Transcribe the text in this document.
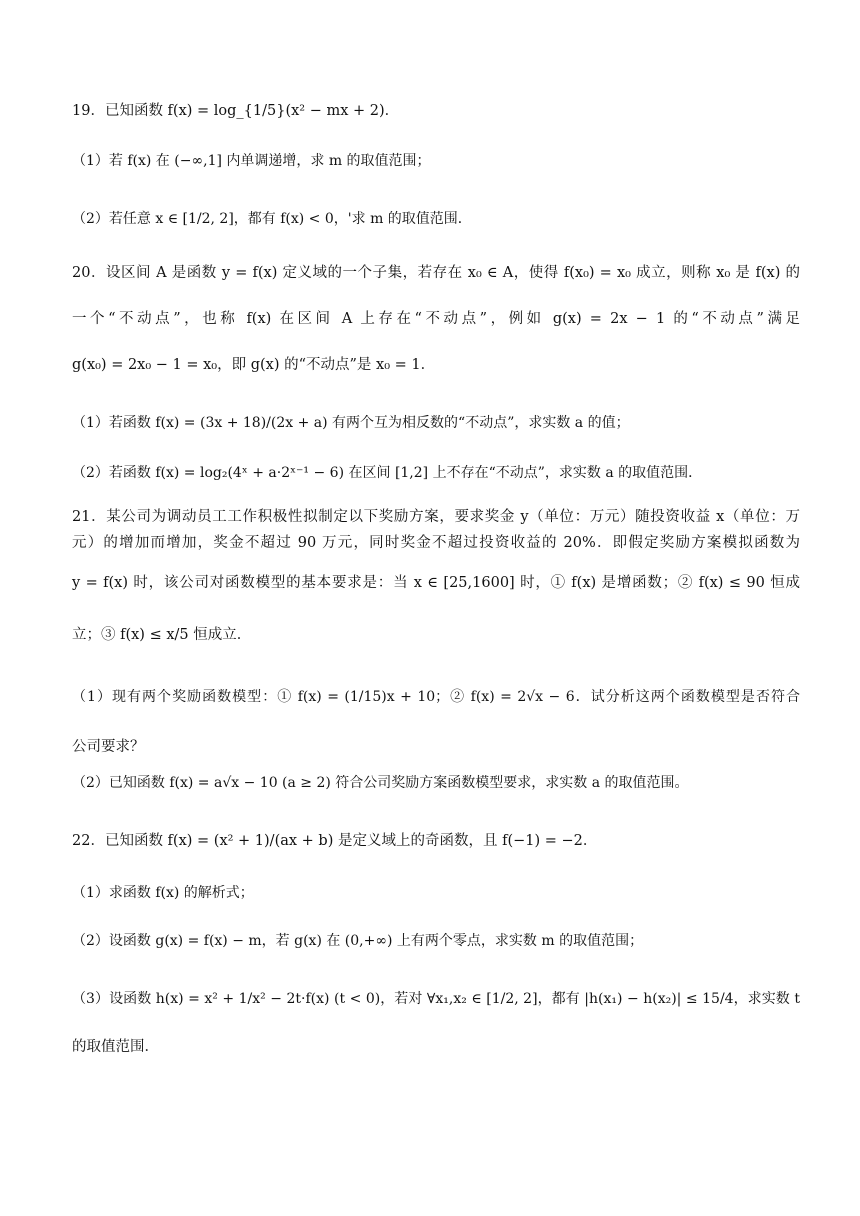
19．已知函数 f(x) = log_{1/5}(x² − mx + 2)．
（1）若 f(x) 在 (−∞,1] 内单调递增，求 m 的取值范围；
（2）若任意 x ∈ [1/2, 2]，都有 f(x) < 0，'求 m 的取值范围．
20．设区间 A 是函数 y = f(x) 定义域的一个子集，若存在 x₀ ∈ A，使得 f(x₀) = x₀ 成立，则称 x₀ 是 f(x) 的
一个“不动点”，也称 f(x) 在区间 A 上存在“不动点”，例如 g(x) = 2x − 1 的“不动点”满足
g(x₀) = 2x₀ − 1 = x₀，即 g(x) 的“不动点”是 x₀ = 1．
（1）若函数 f(x) = (3x + 18)/(2x + a) 有两个互为相反数的“不动点”，求实数 a 的值；
（2）若函数 f(x) = log₂(4ˣ + a·2ˣ⁻¹ − 6) 在区间 [1,2] 上不存在“不动点”，求实数 a 的取值范围．
21．某公司为调动员工工作积极性拟制定以下奖励方案，要求奖金 y（单位：万元）随投资收益 x（单位：万
元）的增加而增加，奖金不超过 90 万元，同时奖金不超过投资收益的 20%．即假定奖励方案模拟函数为
y = f(x) 时，该公司对函数模型的基本要求是：当 x ∈ [25,1600] 时，① f(x) 是增函数；② f(x) ≤ 90 恒成
立；③ f(x) ≤ x/5 恒成立．
（1）现有两个奖励函数模型：① f(x) = (1/15)x + 10；② f(x) = 2√x − 6．试分析这两个函数模型是否符合
公司要求？
（2）已知函数 f(x) = a√x − 10 (a ≥ 2) 符合公司奖励方案函数模型要求，求实数 a 的取值范围。
22．已知函数 f(x) = (x² + 1)/(ax + b) 是定义域上的奇函数，且 f(−1) = −2．
（1）求函数 f(x) 的解析式；
（2）设函数 g(x) = f(x) − m，若 g(x) 在 (0,+∞) 上有两个零点，求实数 m 的取值范围；
（3）设函数 h(x) = x² + 1/x² − 2t·f(x) (t < 0)，若对 ∀x₁,x₂ ∈ [1/2, 2]，都有 |h(x₁) − h(x₂)| ≤ 15/4，求实数 t
的取值范围．
